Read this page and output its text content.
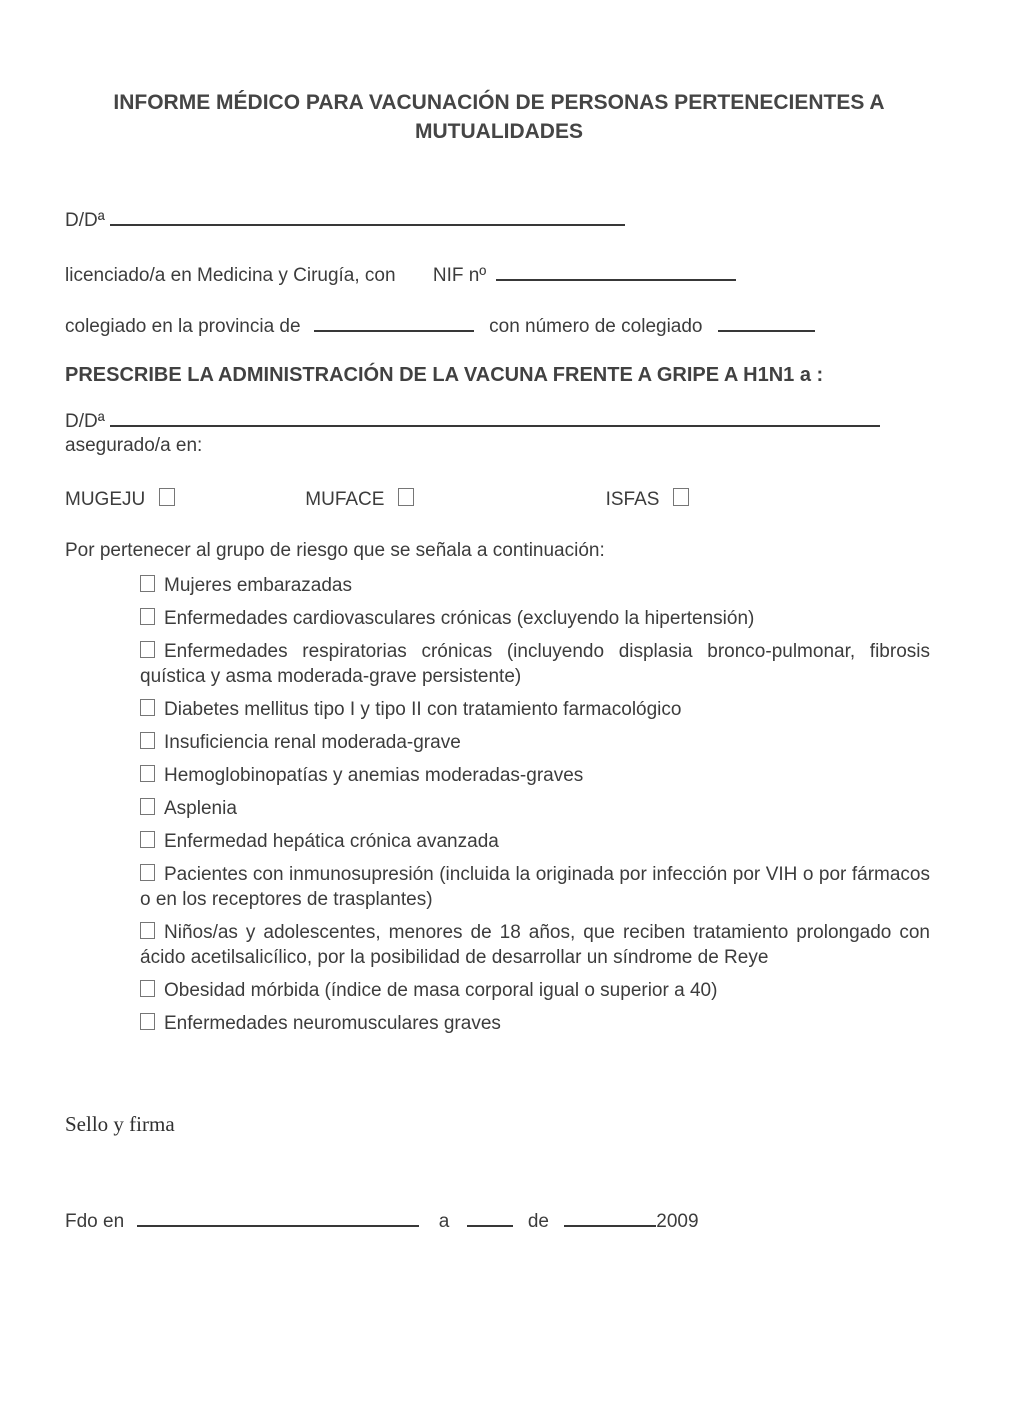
INFORME MÉDICO PARA VACUNACIÓN DE PERSONAS PERTENECIENTES A MUTUALIDADES
D/Dª
licenciado/a en Medicina y Cirugía, con NIF nº
colegiado en la provincia de	con número de colegiado
PRESCRIBE LA ADMINISTRACIÓN DE LA VACUNA FRENTE A GRIPE A H1N1 a :
D/Dª
asegurado/a en:
MUGEJU	MUFACE	ISFAS
Por pertenecer al grupo de riesgo que se señala a continuación:
Mujeres embarazadas
Enfermedades cardiovasculares crónicas (excluyendo la hipertensión)
Enfermedades respiratorias crónicas (incluyendo displasia bronco-pulmonar, fibrosis quística y asma moderada-grave persistente)
Diabetes mellitus tipo I y tipo II con tratamiento farmacológico
Insuficiencia renal moderada-grave
Hemoglobinopatías y anemias moderadas-graves
Asplenia
Enfermedad hepática crónica avanzada
Pacientes con inmunosupresión (incluida la originada por infección por VIH o por fármacos o en los receptores de trasplantes)
Niños/as y adolescentes, menores de 18 años, que reciben tratamiento prolongado con ácido acetilsalicílico, por la posibilidad de desarrollar un síndrome de Reye
Obesidad mórbida (índice de masa corporal igual o superior a 40)
Enfermedades neuromusculares graves
Sello y firma
Fdo en	a	de	2009
